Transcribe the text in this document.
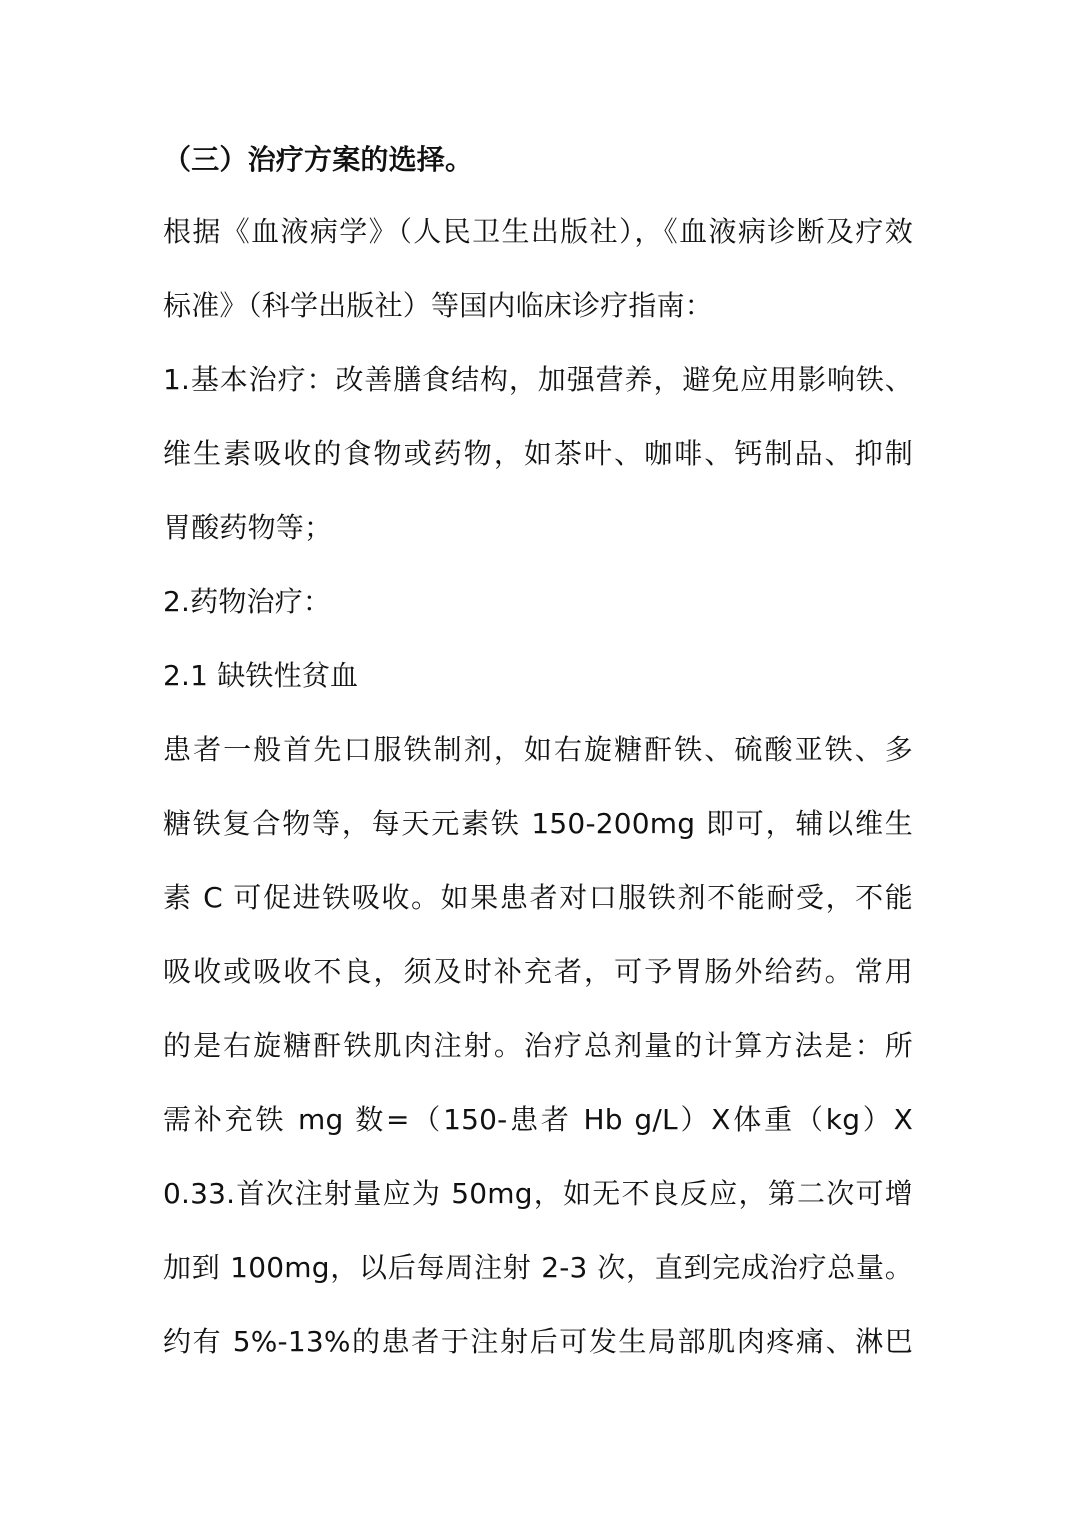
（三）治疗方案的选择。
根据《血液病学》（人民卫生出版社），《血液病诊断及疗效
标准》（科学出版社）等国内临床诊疗指南：
1.基本治疗：改善膳食结构，加强营养，避免应用影响铁、
维生素吸收的食物或药物，如茶叶、咖啡、钙制品、抑制
胃酸药物等；
2.药物治疗：
2.1 缺铁性贫血
患者一般首先口服铁制剂，如右旋糖酐铁、硫酸亚铁、多
糖铁复合物等，每天元素铁 150-200mg 即可，辅以维生
素 C 可促进铁吸收。如果患者对口服铁剂不能耐受，不能
吸收或吸收不良，须及时补充者，可予胃肠外给药。常用
的是右旋糖酐铁肌肉注射。治疗总剂量的计算方法是：所
需补充铁 mg 数=（150-患者 Hb g/L）X体重（kg）X
0.33.首次注射量应为 50mg，如无不良反应，第二次可增
加到 100mg，以后每周注射 2-3 次，直到完成治疗总量。
约有 5%-13%的患者于注射后可发生局部肌肉疼痛、淋巴
